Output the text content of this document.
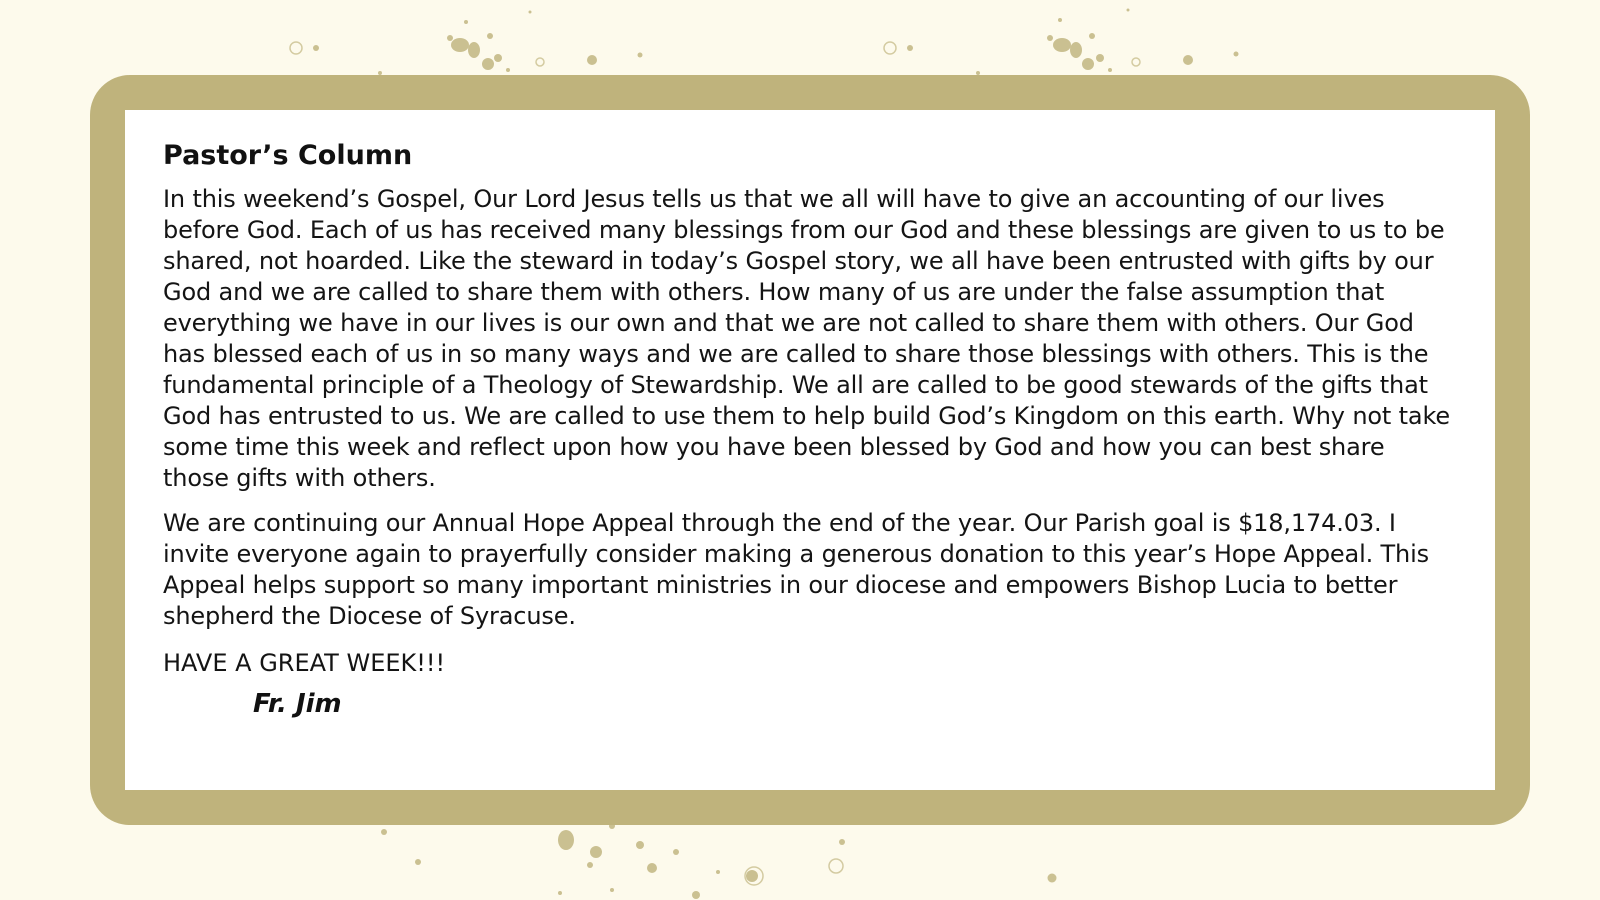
Pastor’s Column

In this weekend’s Gospel, Our Lord Jesus tells us that we all will have to give an accounting of our lives before God. Each of us has received many blessings from our God and these blessings are given to us to be shared, not hoarded. Like the steward in today’s Gospel story, we all have been entrusted with gifts by our God and we are called to share them with others. How many of us are under the false assumption that everything we have in our lives is our own and that we are not called to share them with others. Our God has blessed each of us in so many ways and we are called to share those blessings with others. This is the fundamental principle of a Theology of Stewardship. We all are called to be good stewards of the gifts that God has entrusted to us. We are called to use them to help build God’s Kingdom on this earth. Why not take some time this week and reflect upon how you have been blessed by God and how you can best share those gifts with others.

We are continuing our Annual Hope Appeal through the end of the year. Our Parish goal is $18,174.03. I invite everyone again to prayerfully consider making a generous donation to this year’s Hope Appeal. This Appeal helps support so many important ministries in our diocese and empowers Bishop Lucia to better shepherd the Diocese of Syracuse.

HAVE A GREAT WEEK!!!

Fr. Jim
